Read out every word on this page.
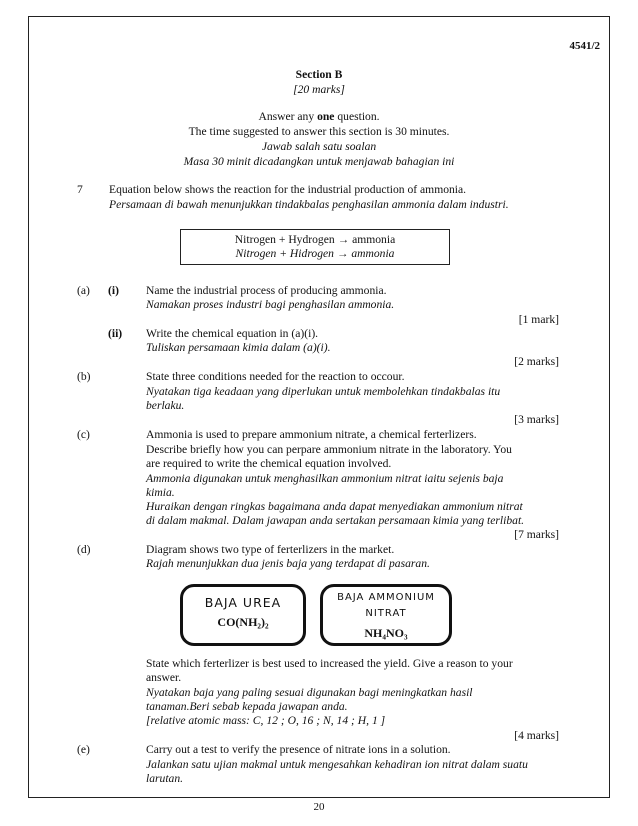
4541/2
Section B
[20 marks]
Answer any one question.
The time suggested to answer this section is 30 minutes.
Jawab salah satu soalan
Masa 30 minit dicadangkan untuk menjawab bahagian ini
7 Equation below shows the reaction for the industrial production of ammonia.
Persamaan di bawah menunjukkan tindakbalas penghasilan ammonia dalam industri.
Nitrogen + Hydrogen → ammonia
Nitrogen + Hidrogen → ammonia
(a) (i) Name the industrial process of producing ammonia.
Namakan proses industri bagi penghasilan ammonia.
[1 mark]
(ii) Write the chemical equation in (a)(i).
Tuliskan persamaan kimia dalam (a)(i).
[2 marks]
(b)	State three conditions needed for the reaction to occour.
Nyatakan tiga keadaan yang diperlukan untuk membolehkan tindakbalas itu
berlaku.
[3 marks]
(c)	Ammonia is used to prepare ammonium nitrate, a chemical ferterlizers.
Describe briefly how you can perpare ammonium nitrate in the laboratory. You
are required to write the chemical equation involved.
Ammonia digunakan untuk menghasilkan ammonium nitrat iaitu sejenis baja
kimia.
Huraikan dengan ringkas bagaimana anda dapat menyediakan ammonium nitrat
di dalam makmal. Dalam jawapan anda sertakan persamaan kimia yang terlibat.
[7 marks]
(d)	Diagram shows two type of ferterlizers in the market.
Rajah menunjukkan dua jenis baja yang terdapat di pasaran.
BAJA UREA
CO(NH₂)₂
BAJA AMMONIUM
NITRAT
NH₄NO₃
State which ferterlizer is best used to increased the yield. Give a reason to your
answer.
Nyatakan baja yang paling sesuai digunakan bagi meningkatkan hasil
tanaman.Beri sebab kepada jawapan anda.
[relative atomic mass: C, 12 ; O, 16 ; N, 14 ; H, 1 ]
[4 marks]
(e)	Carry out a test to verify the presence of nitrate ions in a solution.
Jalankan satu ujian makmal untuk mengesahkan kehadiran ion nitrat dalam suatu
larutan.
20
